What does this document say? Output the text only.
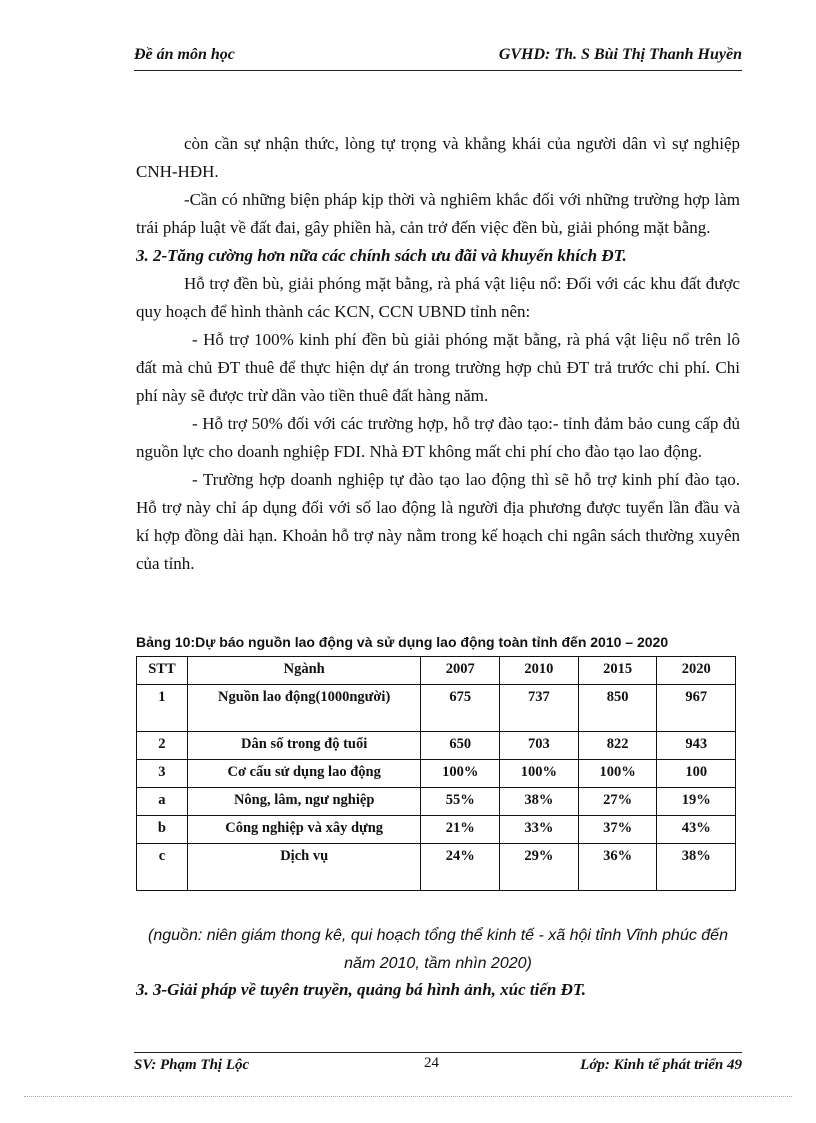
Đề án môn học	GVHD: Th. S Bùi Thị Thanh Huyền

còn cần sự nhận thức, lòng tự trọng và khẳng khái của người dân vì sự nghiệp CNH-HĐH.

-Cần có những biện pháp kịp thời và nghiêm khắc đối với những trường hợp làm trái pháp luật về đất đai, gây phiền hà, cản trở đến việc đền bù, giải phóng mặt bằng.

3. 2-Tăng cường hơn nữa các chính sách ưu đãi và khuyến khích ĐT.

Hỗ trợ đền bù, giải phóng mặt bằng, rà phá vật liệu nổ: Đối với các khu đất được quy hoạch để hình thành các KCN, CCN UBND tỉnh nên:

- Hỗ trợ 100% kinh phí đền bù giải phóng mặt bằng, rà phá vật liệu nổ trên lô đất mà chủ ĐT thuê để thực hiện dự án trong trường hợp chủ ĐT trả trước chi phí. Chi phí này sẽ được trừ dần vào tiền thuê đất hàng năm.

- Hỗ trợ 50% đối với các trường hợp, hỗ trợ đào tạo:- tỉnh đảm bảo cung cấp đủ nguồn lực cho doanh nghiệp FDI. Nhà ĐT không mất chi phí cho đào tạo lao động.

- Trường hợp doanh nghiệp tự đào tạo lao động thì sẽ hỗ trợ kinh phí đào tạo. Hỗ trợ này chỉ áp dụng đối với số lao động là người địa phương được tuyển lần đầu và kí hợp đồng dài hạn. Khoản hỗ trợ này nằm trong kế hoạch chi ngân sách thường xuyên của tỉnh.

Bảng 10:Dự báo nguồn lao động và sử dụng lao động toàn tỉnh đến 2010 – 2020
STT	Ngành	2007	2010	2015	2020
1	Nguồn lao động(1000người)	675	737	850	967
2	Dân số trong độ tuổi	650	703	822	943
3	Cơ cấu sử dụng lao động	100%	100%	100%	100
a	Nông, lâm, ngư nghiệp	55%	38%	27%	19%
b	Công nghiệp và xây dựng	21%	33%	37%	43%
c	Dịch vụ	24%	29%	36%	38%
(nguồn: niên giám thong kê, qui hoạch tổng thể kinh tế - xã hội tỉnh Vĩnh phúc đến năm 2010, tầm nhìn 2020)

3. 3-Giải pháp về tuyên truyền, quảng bá hình ảnh, xúc tiến ĐT.

SV: Phạm Thị Lộc	24	Lớp: Kinh tế phát triển 49
